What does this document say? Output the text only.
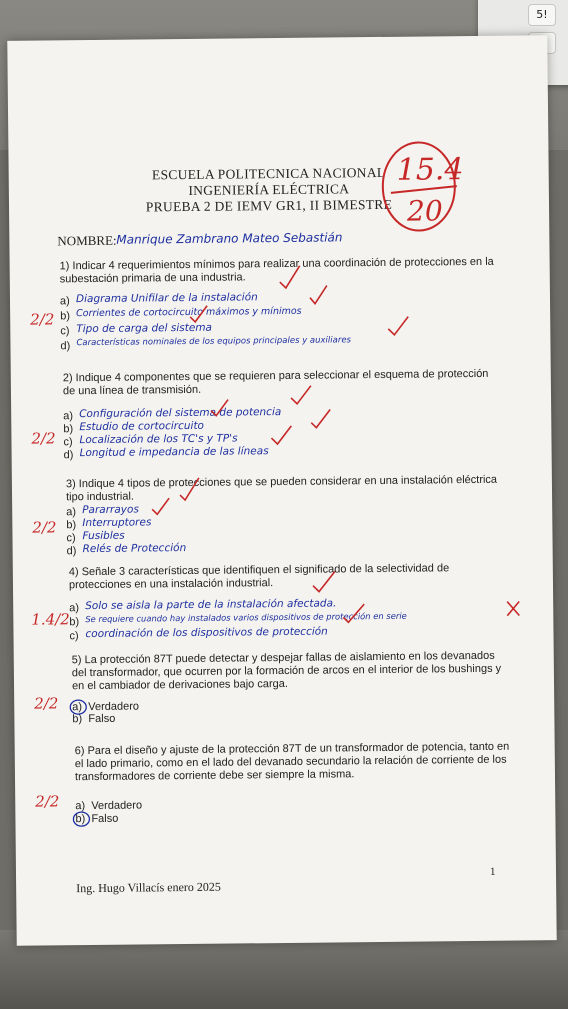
5!
ESCUELA POLITECNICA NACIONAL
INGENIERÍA ELÉCTRICA
PRUEBA 2 DE IEMV GR1, II BIMESTRE
15.4
20
NOMBRE: Manrique Zambrano Mateo Sebastián
1) Indicar 4 requerimientos mínimos para realizar una coordinación de protecciones en la subestación primaria de una industria.
a) Diagrama Unifilar de la instalación
b) Corrientes de cortocircuito máximos y mínimos
c) Tipo de carga del sistema
d) Características nominales de los equipos principales y auxiliares
2/2
2) Indique 4 componentes que se requieren para seleccionar el esquema de protección de una línea de transmisión.
a) Configuración del sistema de potencia
b) Estudio de cortocircuito
c) Localización de los TC's y TP's
d) Longitud e impedancia de las líneas
2/2
3) Indique 4 tipos de protecciones que se pueden considerar en una instalación eléctrica tipo industrial.
a) Pararrayos
b) Interruptores
c) Fusibles
d) Relés de Protección
2/2
4) Señale 3 características que identifiquen el significado de la selectividad de protecciones en una instalación industrial.
a) Solo se aisla la parte de la instalación afectada.
b) Se requiere cuando hay instalados varios dispositivos de protección en serie
c) coordinación de los dispositivos de protección
1.4/2
5) La protección 87T puede detectar y despejar fallas de aislamiento en los devanados del transformador, que ocurren por la formación de arcos en el interior de los bushings y en el cambiador de derivaciones bajo carga.
a) Verdadero
b) Falso
2/2
6) Para el diseño y ajuste de la protección 87T de un transformador de potencia, tanto en el lado primario, como en el lado del devanado secundario la relación de corriente de los transformadores de corriente debe ser siempre la misma.
a) Verdadero
b) Falso
2/2
Ing. Hugo Villacís enero 2025
1
